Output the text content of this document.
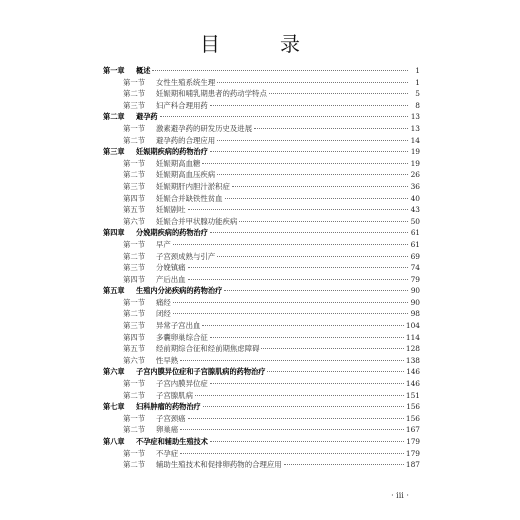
目　录
第一章	概述	1
第一节	女性生殖系统生理	1
第二节	妊娠期和哺乳期患者的药动学特点	5
第三节	妇产科合理用药	8
第二章	避孕药	13
第一节	激素避孕药的研发历史及进展	13
第二节	避孕药的合理应用	14
第三章	妊娠期疾病的药物治疗	19
第一节	妊娠期高血糖	19
第二节	妊娠期高血压疾病	26
第三节	妊娠期肝内胆汁淤积症	36
第四节	妊娠合并缺铁性贫血	40
第五节	妊娠剧吐	43
第六节	妊娠合并甲状腺功能疾病	50
第四章	分娩期疾病的药物治疗	61
第一节	早产	61
第二节	子宫颈成熟与引产	69
第三节	分娩镇痛	74
第四节	产后出血	79
第五章	生殖内分泌疾病的药物治疗	90
第一节	痛经	90
第二节	闭经	98
第三节	异常子宫出血	104
第四节	多囊卵巢综合征	114
第五节	经前期综合征和经前期焦虑障碍	128
第六节	性早熟	138
第六章	子宫内膜异位症和子宫腺肌病的药物治疗	146
第一节	子宫内膜异位症	146
第二节	子宫腺肌病	151
第七章	妇科肿瘤的药物治疗	156
第一节	子宫颈癌	156
第二节	卵巢癌	167
第八章	不孕症和辅助生殖技术	179
第一节	不孕症	179
第二节	辅助生殖技术和促排卵药物的合理应用	187
· iii ·
